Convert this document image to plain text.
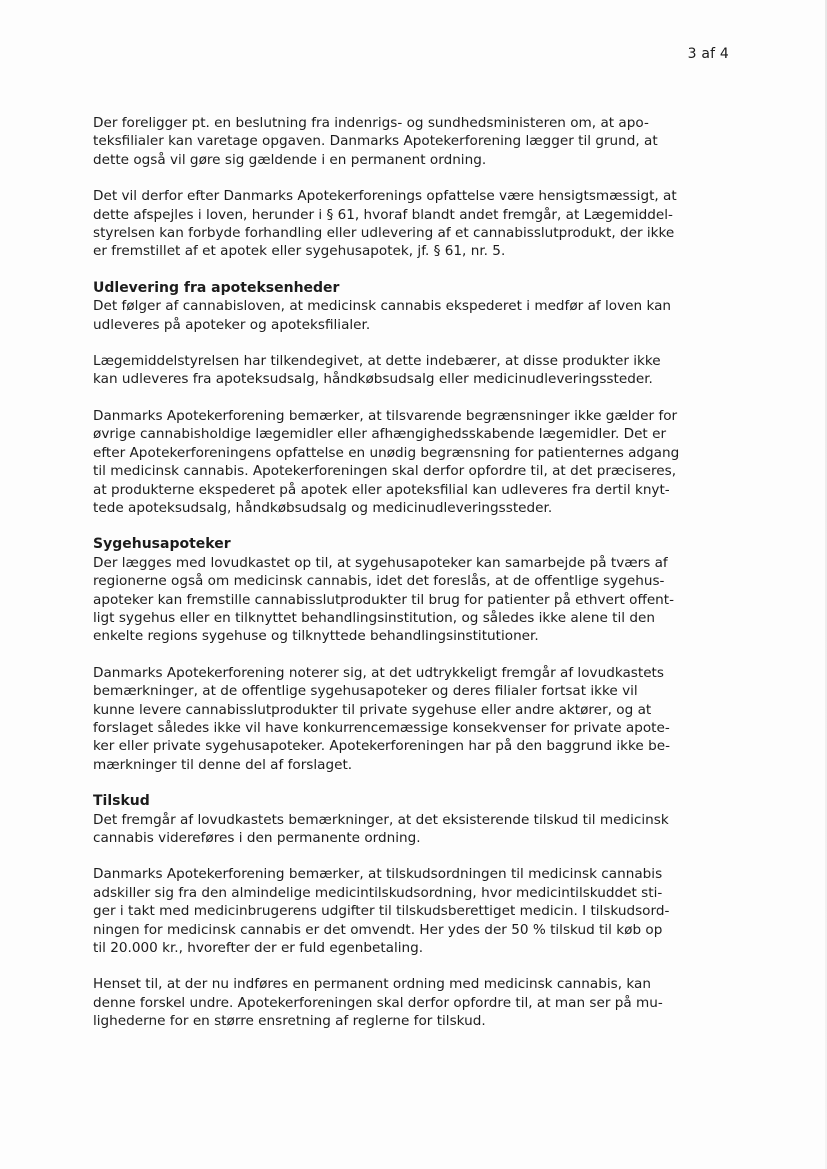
3 af 4

Der foreligger pt. en beslutning fra indenrigs- og sundhedsministeren om, at apo-
teksfilialer kan varetage opgaven. Danmarks Apotekerforening lægger til grund, at
dette også vil gøre sig gældende i en permanent ordning.

Det vil derfor efter Danmarks Apotekerforenings opfattelse være hensigtsmæssigt, at
dette afspejles i loven, herunder i § 61, hvoraf blandt andet fremgår, at Lægemiddel-
styrelsen kan forbyde forhandling eller udlevering af et cannabisslutprodukt, der ikke
er fremstillet af et apotek eller sygehusapotek, jf. § 61, nr. 5.

Udlevering fra apoteksenheder

Det følger af cannabisloven, at medicinsk cannabis ekspederet i medfør af loven kan
udleveres på apoteker og apoteksfilialer.

Lægemiddelstyrelsen har tilkendegivet, at dette indebærer, at disse produkter ikke
kan udleveres fra apoteksudsalg, håndkøbsudsalg eller medicinudleveringssteder.

Danmarks Apotekerforening bemærker, at tilsvarende begrænsninger ikke gælder for
øvrige cannabisholdige lægemidler eller afhængighedsskabende lægemidler. Det er
efter Apotekerforeningens opfattelse en unødig begrænsning for patienternes adgang
til medicinsk cannabis. Apotekerforeningen skal derfor opfordre til, at det præciseres,
at produkterne ekspederet på apotek eller apoteksfilial kan udleveres fra dertil knyt-
tede apoteksudsalg, håndkøbsudsalg og medicinudleveringssteder.

Sygehusapoteker

Der lægges med lovudkastet op til, at sygehusapoteker kan samarbejde på tværs af
regionerne også om medicinsk cannabis, idet det foreslås, at de offentlige sygehus-
apoteker kan fremstille cannabisslutprodukter til brug for patienter på ethvert offent-
ligt sygehus eller en tilknyttet behandlingsinstitution, og således ikke alene til den
enkelte regions sygehuse og tilknyttede behandlingsinstitutioner.

Danmarks Apotekerforening noterer sig, at det udtrykkeligt fremgår af lovudkastets
bemærkninger, at de offentlige sygehusapoteker og deres filialer fortsat ikke vil
kunne levere cannabisslutprodukter til private sygehuse eller andre aktører, og at
forslaget således ikke vil have konkurrencemæssige konsekvenser for private apote-
ker eller private sygehusapoteker. Apotekerforeningen har på den baggrund ikke be-
mærkninger til denne del af forslaget.

Tilskud

Det fremgår af lovudkastets bemærkninger, at det eksisterende tilskud til medicinsk
cannabis videreføres i den permanente ordning.

Danmarks Apotekerforening bemærker, at tilskudsordningen til medicinsk cannabis
adskiller sig fra den almindelige medicintilskudsordning, hvor medicintilskuddet sti-
ger i takt med medicinbrugerens udgifter til tilskudsberettiget medicin. I tilskudsord-
ningen for medicinsk cannabis er det omvendt. Her ydes der 50 % tilskud til køb op
til 20.000 kr., hvorefter der er fuld egenbetaling.

Henset til, at der nu indføres en permanent ordning med medicinsk cannabis, kan
denne forskel undre. Apotekerforeningen skal derfor opfordre til, at man ser på mu-
lighederne for en større ensretning af reglerne for tilskud.
